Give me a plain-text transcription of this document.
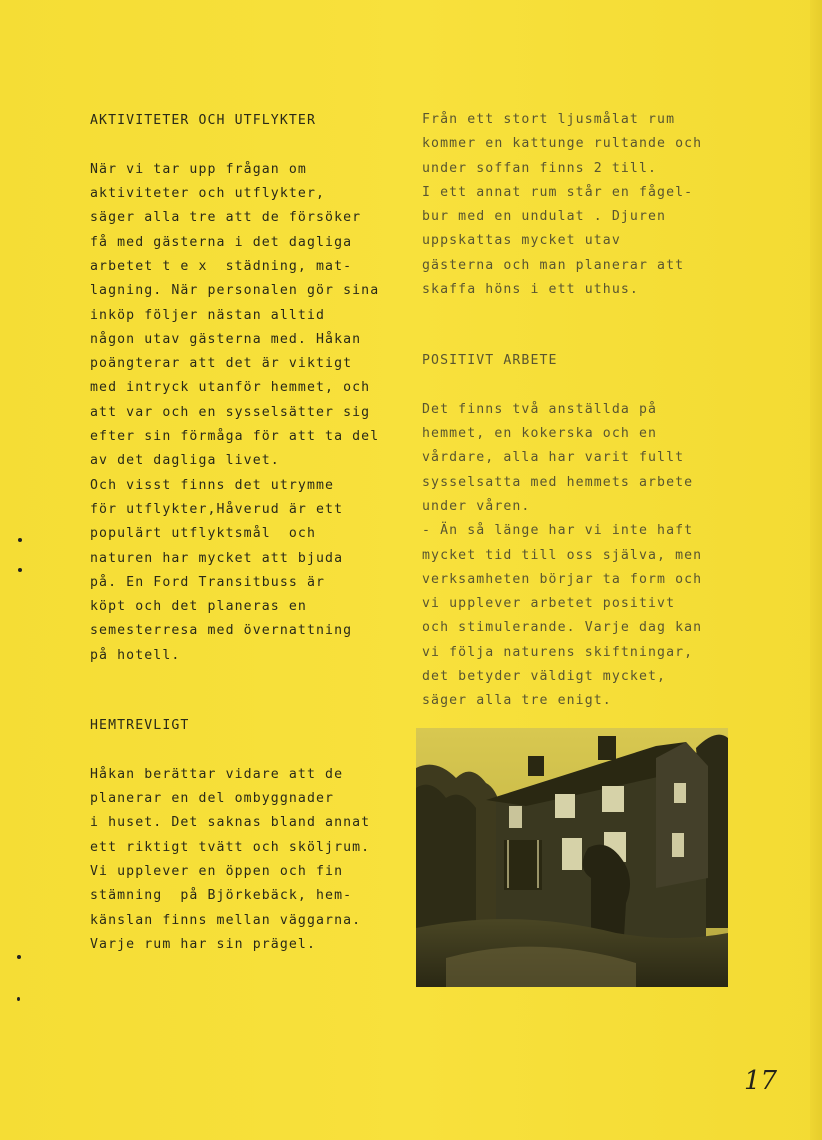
AKTIVITETER OCH UTFLYKTER
När vi tar upp frågan om
aktiviteter och utflykter,
säger alla tre att de försöker
få med gästerna i det dagliga
arbetet t e x  städning, mat-
lagning. När personalen gör sina
inköp följer nästan alltid
någon utav gästerna med. Håkan
poängterar att det är viktigt
med intryck utanför hemmet, och
att var och en sysselsätter sig
efter sin förmåga för att ta del
av det dagliga livet.
Och visst finns det utrymme
för utflykter,Håverud är ett
populärt utflyktsmål  och
naturen har mycket att bjuda
på. En Ford Transitbuss är
köpt och det planeras en
semesterresa med övernattning
på hotell.
HEMTREVLIGT
Håkan berättar vidare att de
planerar en del ombyggnader
i huset. Det saknas bland annat
ett riktigt tvätt och sköljrum.
Vi upplever en öppen och fin
stämning  på Björkebäck, hem-
känslan finns mellan väggarna.
Varje rum har sin prägel.
Från ett stort ljusmålat rum
kommer en kattunge rultande och
under soffan finns 2 till.
I ett annat rum står en fågel-
bur med en undulat . Djuren
uppskattas mycket utav
gästerna och man planerar att
skaffa höns i ett uthus.
POSITIVT ARBETE
Det finns två anställda på
hemmet, en kokerska och en
vårdare, alla har varit fullt
sysselsatta med hemmets arbete
under våren.
- Än så länge har vi inte haft
mycket tid till oss själva, men
verksamheten börjar ta form och
vi upplever arbetet positivt
och stimulerande. Varje dag kan
vi följa naturens skiftningar,
det betyder väldigt mycket,
säger alla tre enigt.
17
